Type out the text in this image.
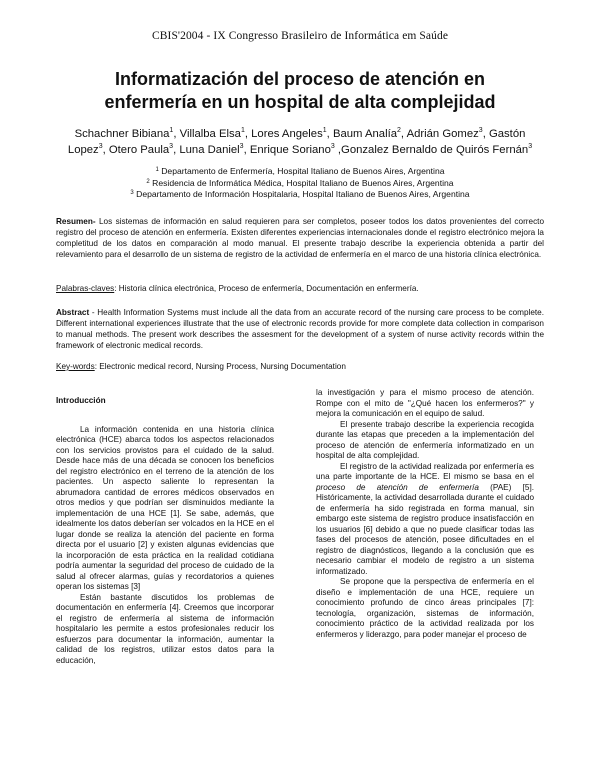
CBIS'2004 - IX Congresso Brasileiro de Informática em Saúde
Informatización del proceso de atención en
enfermería en un hospital de alta complejidad
Schachner Bibiana$^1$, Villalba Elsa$^1$, Lores Angeles$^1$, Baum Analía$^2$, Adrián Gomez$^3$, Gastón Lopez$^3$, Otero Paula$^3$, Luna Daniel$^3$, Enrique Soriano$^3$ ,Gonzalez Bernaldo de Quirós Fernán$^3$
$^1$ Departamento de Enfermería, Hospital Italiano de Buenos Aires, Argentina
$^2$ Residencia de Informática Médica, Hospital Italiano de Buenos Aires, Argentina
$^3$ Departamento de Información Hospitalaria, Hospital Italiano de Buenos Aires, Argentina
Resumen- Los sistemas de información en salud requieren para ser completos, poseer todos los datos provenientes del correcto registro del proceso de atención en enfermería. Existen diferentes experiencias internacionales donde el registro electrónico mejora la completitud de los datos en comparación al modo manual. El presente trabajo describe la experiencia obtenida a partir del relevamiento para el desarrollo de un sistema de registro de la actividad de enfermería en el marco de una historia clínica electrónica.
Palabras-claves: Historia clínica electrónica, Proceso de enfermería, Documentación en enfermería.
Abstract - Health Information Systems must include all the data from an accurate record of the nursing care process to be complete. Different international experiences illustrate that the use of electronic records provide for more complete data collection in comparison to manual methods. The present work describes the assesment for the development of a system of nurse activity records within the framework of electronic medical records.
Key-words: Electronic medical record, Nursing Process, Nursing Documentation

Introducción

La información contenida en una historia clínica electrónica (HCE) abarca todos los aspectos relacionados con los servicios provistos para el cuidado de la salud. Desde hace más de una década se conocen los beneficios del registro electrónico en el terreno de la atención de los pacientes. Un aspecto saliente lo representan la abrumadora cantidad de errores médicos observados en otros medios y que podrían ser disminuidos mediante la implementación de una HCE [1]. Se sabe, además, que idealmente los datos deberían ser volcados en la HCE en el lugar donde se realiza la atención del paciente en forma directa por el usuario [2] y existen algunas evidencias que la incorporación de esta práctica en la realidad cotidiana podría aumentar la seguridad del proceso de cuidado de la salud al ofrecer alarmas, guías y recordatorios a quienes operan los sistemas [3]

Están bastante discutidos los problemas de documentación en enfermería [4]. Creemos que incorporar el registro de enfermería al sistema de información hospitalario les permite a estos profesionales reducir los esfuerzos para documentar la información, aumentar la calidad de los registros, utilizar estos datos para la educación,

la investigación y para el mismo proceso de atención. Rompe con el mito de "¿Qué hacen los enfermeros?" y mejora la comunicación en el equipo de salud.

El presente trabajo describe la experiencia recogida durante las etapas que preceden a la implementación del proceso de atención de enfermería informatizado en un hospital de alta complejidad.

El registro de la actividad realizada por enfermería es una parte importante de la HCE. El mismo se basa en el proceso de atención de enfermería (PAE) [5]. Históricamente, la actividad desarrollada durante el cuidado de enfermería ha sido registrada en forma manual, sin embargo este sistema de registro produce insatisfacción en los usuarios [6] debido a que no puede clasificar todas las fases del procesos de atención, posee dificultades en el registro de diagnósticos, llegando a la conclusión que es necesario cambiar el modelo de registro a un sistema informatizado.

Se propone que la perspectiva de enfermería en el diseño e implementación de una HCE, requiere un conocimiento profundo de cinco áreas principales [7]: tecnología, organización, sistemas de información, conocimiento práctico de la actividad realizada por los enfermeros y liderazgo, para poder manejar el proceso de
